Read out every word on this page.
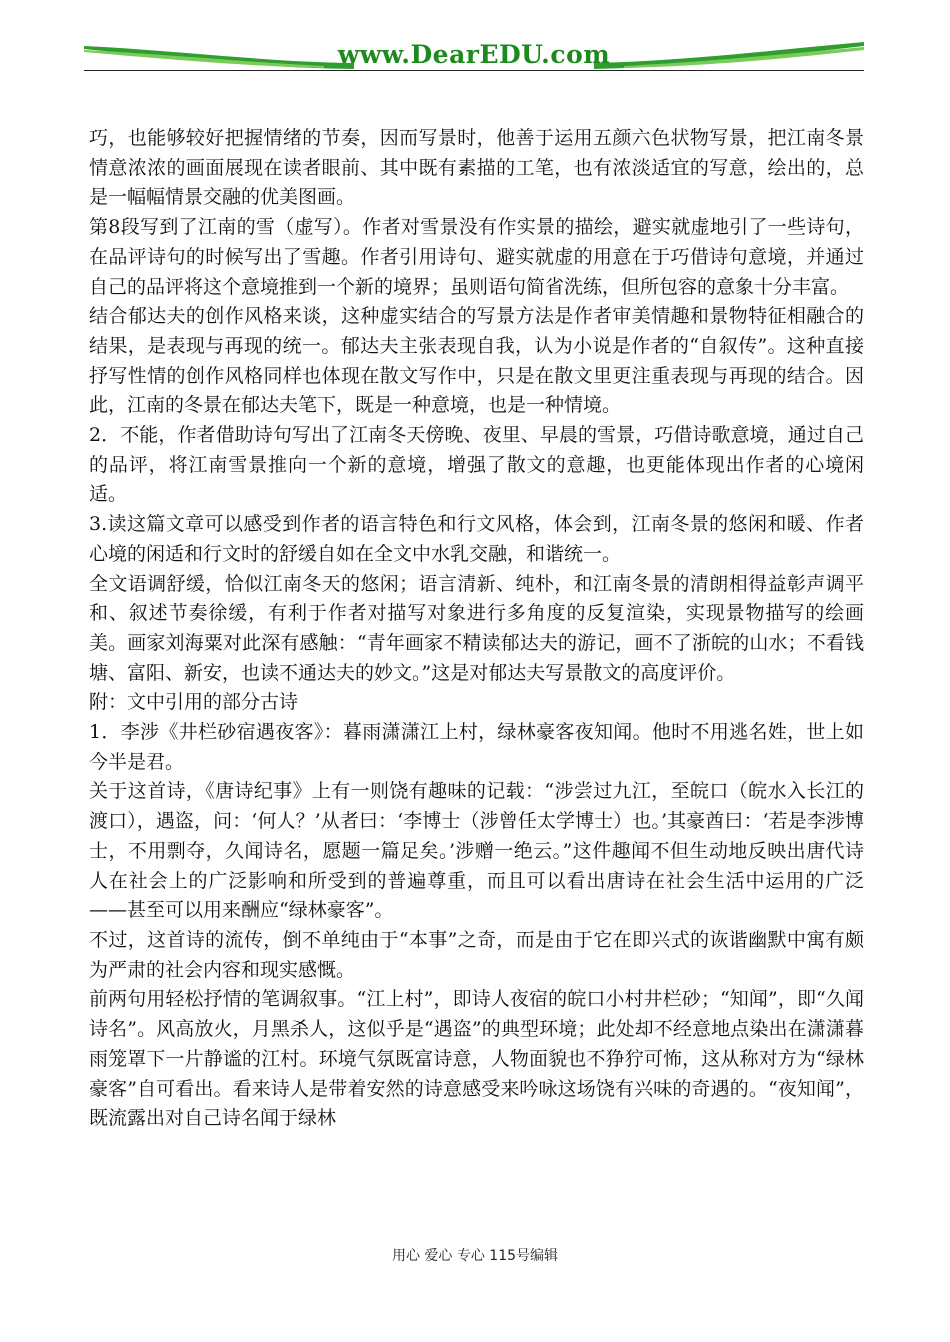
www.DearEDU.com

巧，也能够较好把握情绪的节奏，因而写景时，他善于运用五颜六色状物写景，把江南冬景情意浓浓的画面展现在读者眼前、其中既有素描的工笔，也有浓淡适宜的写意，绘出的，总是一幅幅情景交融的优美图画。

第8段写到了江南的雪（虚写）。作者对雪景没有作实景的描绘，避实就虚地引了一些诗句，在品评诗句的时候写出了雪趣。作者引用诗句、避实就虚的用意在于巧借诗句意境，并通过自己的品评将这个意境推到一个新的境界；虽则语句简省洗练，但所包容的意象十分丰富。

结合郁达夫的创作风格来谈，这种虚实结合的写景方法是作者审美情趣和景物特征相融合的结果，是表现与再现的统一。郁达夫主张表现自我，认为小说是作者的“自叙传”。这种直接抒写性情的创作风格同样也体现在散文写作中，只是在散文里更注重表现与再现的结合。因此，江南的冬景在郁达夫笔下，既是一种意境，也是一种情境。

2．不能，作者借助诗句写出了江南冬天傍晚、夜里、早晨的雪景，巧借诗歌意境，通过自己的品评，将江南雪景推向一个新的意境，增强了散文的意趣，也更能体现出作者的心境闲适。

3.读这篇文章可以感受到作者的语言特色和行文风格，体会到，江南冬景的悠闲和暖、作者心境的闲适和行文时的舒缓自如在全文中水乳交融，和谐统一。

全文语调舒缓，恰似江南冬天的悠闲；语言清新、纯朴，和江南冬景的清朗相得益彰声调平和、叙述节奏徐缓，有利于作者对描写对象进行多角度的反复渲染，实现景物描写的绘画美。画家刘海粟对此深有感触：“青年画家不精读郁达夫的游记，画不了浙皖的山水；不看钱塘、富阳、新安，也读不通达夫的妙文。”这是对郁达夫写景散文的高度评价。

附：文中引用的部分古诗

1．李涉《井栏砂宿遇夜客》：暮雨潇潇江上村，绿林豪客夜知闻。他时不用逃名姓，世上如今半是君。

关于这首诗，《唐诗纪事》上有一则饶有趣味的记载：“涉尝过九江，至皖口（皖水入长江的渡口），遇盗，问：‘何人？’从者曰：‘李博士（涉曾任太学博士）也。’其豪酋曰：‘若是李涉博士，不用剽夺，久闻诗名，愿题一篇足矣。’涉赠一绝云。”这件趣闻不但生动地反映出唐代诗人在社会上的广泛影响和所受到的普遍尊重，而且可以看出唐诗在社会生活中运用的广泛——甚至可以用来酬应“绿林豪客”。

不过，这首诗的流传，倒不单纯由于“本事”之奇，而是由于它在即兴式的诙谐幽默中寓有颇为严肃的社会内容和现实感慨。

前两句用轻松抒情的笔调叙事。“江上村”，即诗人夜宿的皖口小村井栏砂；“知闻”，即“久闻诗名”。风高放火，月黑杀人，这似乎是“遇盗”的典型环境；此处却不经意地点染出在潇潇暮雨笼罩下一片静谧的江村。环境气氛既富诗意，人物面貌也不狰狞可怖，这从称对方为“绿林豪客”自可看出。看来诗人是带着安然的诗意感受来吟咏这场饶有兴味的奇遇的。“夜知闻”，既流露出对自己诗名闻于绿林

用心 爱心 专心 115号编辑
